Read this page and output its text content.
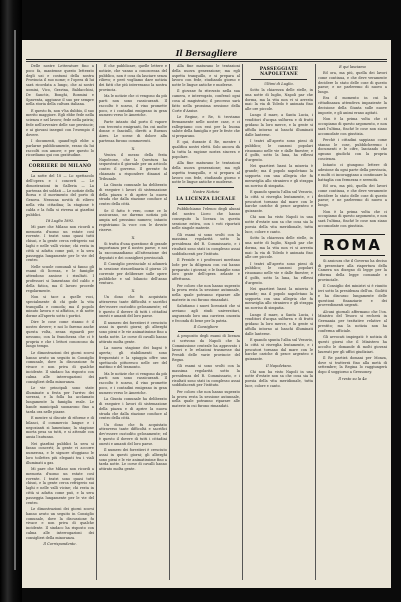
Il Bersagliere

Delle nostre Letterature fino a poco fa, mantenne questo letterato degli usi e costumi della nostra Provincia il suo nome; e l'opera di lui sarà ricordata a lungo, che ai nostri uomini, Vico, Gravina, Baldacchini, De Sanctis, Bonghi, Rosmini e Spaventa, aggiunse il suo per sempre nella storia della cultura italiana.

E questo fu, non v'ha dubbio, il suo merito maggiore. Egli ebbe fede nella scienza e nel lavoro; fede nella patria; fede nell'avvenire delle sue provincie; e ai giovani insegnò con l'esempio il dovere.

I documenti, quand'egli ebbe a parlarne pubblicamente, erano da lui raccolti con amore; e per questo lo ricordiamo qui con gratitudine.

CORRIERE DI MILANO

La notte del 18 — Lo spettacolo dell'opera e i concerti — Le dimostrazioni in Galleria — La partenza dei soldati — Le notizie della Borsa e il movimento del porto di Genova. Nessuna novità di rilievo nella vita cittadina; la stagione è calda e la folla si riversa ai giardini pubblici.

18 Luglio 1892.

Mi pare che Milano non ricordi a memoria d'uomo un estate così rovente. I teatri sono quasi tutti chiusi, e la gente cerca refrigerio sui laghi e nelle valli vicine; chi resta in città si adatta come può, e la sera passeggia lungamente per le vie del centro.

Nelle scuole comunali si fanno gli esami di licenza, e le famiglie attendono ansiose i risultati. I professori si lamentano del caldo e della fatica, ma il lavoro procede regolarmente.

Non si tace a quelle voci, specialmente di chi gode la vita tranquilla e comoda; ma il popolo minuto lavora e si affatica, e di notte dorme all'aperto sotto i portici.

Dire le cose come stanno è il nostro dovere; e noi lo faremo anche questa volta, senza riguardi per nessuno, con la franchezza che ci è propria e che i lettori conoscono da lungo tempo.

Le dimostrazioni dei giorni scorsi hanno avuto un seguito in Consiglio comunale, dove la discussione fu vivace e non priva di qualche incidente. Il sindaco ha risposto con calma alle interrogazioni dei consiglieri della minoranza.

Le vie principali sono state illuminate a festa per l'arrivo dei sovrani, e la folla ha acclamato lungamente la famiglia reale. Le bande municipali suonarono fino a tarda ora nelle piazze.

E mentre si discute di riforme e di bilanci, il commercio langue e i negozianti si lamentano; la stagione morta pesa su tutti, e si attende con ansia l'autunno.

Nei giardini pubblici la sera si fanno concerti; la gente vi accorre numerosa, e le signore sfoggiano le loro toilettes più eleganti tra i viali illuminati a gas.

Mi pare che Milano non ricordi a memoria d'uomo un estate così rovente. I teatri sono quasi tutti chiusi, e la gente cerca refrigerio sui laghi e nelle valli vicine; chi resta in città si adatta come può, e la sera passeggia lungamente per le vie del centro.

Le dimostrazioni dei giorni scorsi hanno avuto un seguito in Consiglio comunale, dove la discussione fu vivace e non priva di qualche incidente. Il sindaco ha risposto con calma alle interrogazioni dei consiglieri della minoranza.

Il Corrispondente.

E che pubblicare, quelle lettere e notizie, che vanno a conoscenza del pubblico, non è cosa da lasciare senza rilievo; e però vogliamo dare notizia dei fatti che più interessano la nostra provincia.

Ma le notizie che ci vengono da più parti non sono rassicuranti. Il raccolto è scarso, il vino promette poco, e i contadini emigrano in gran numero verso le Americhe.

Parte intanto dal porto il vapore con trecento emigranti, fra cui molte donne e fanciulli, diretti a Buenos Aires. Le scene di dolore alla partenza furono commoventi.

X

Veniva il mezzo della festa Napoleone, che la Questura ha sequestrato il giornale per un articolo contro il governo. Il gerente fu chiamato a rispondere dinanzi al Tribunale.

La Giunta comunale ha deliberato di eseguire i lavori di sistemazione della piazza e di aprire la nuova strada che dalla stazione conduce al centro della città.

Se il fatto è vero, come ce lo assicurano, ne daremo notizia più ampia nel prossimo numero; intanto registriamo la voce con le dovute riserve.

X

Si tratta d'una questione di grande importanza per il nostro paese; e noi la raccomandiamo all'attenzione dei deputati e dei consiglieri provinciali.

Il Consiglio provinciale si adunerà in sessione straordinaria il giorno 25 corrente per deliberare sulle opere pubbliche e sul bilancio dell'anno venturo.

X

Un dono che fu acquistato attraverso tante difficoltà e sacrifici dev'essere custodito gelosamente; ed è questo il dovere di tutti i cittadini onesti e amanti del loro paese.

Il numero dei forestieri è cresciuto assai in questi giorni; gli alberghi sono pieni e le vie animatissime fino a tarda notte. Le corse di cavalli hanno attirato molta gente.

La nuova stagione dei bagni è aperta; gli stabilimenti sono frequentati e la spiaggia offre uno spettacolo pittoresco nelle ore del mattino e del tramonto.

Ma le notizie che ci vengono da più parti non sono rassicuranti. Il raccolto è scarso, il vino promette poco, e i contadini emigrano in gran numero verso le Americhe.

La Giunta comunale ha deliberato di eseguire i lavori di sistemazione della piazza e di aprire la nuova strada che dalla stazione conduce al centro della città.

Un dono che fu acquistato attraverso tante difficoltà e sacrifici dev'essere custodito gelosamente; ed è questo il dovere di tutti i cittadini onesti e amanti del loro paese.

Il numero dei forestieri è cresciuto assai in questi giorni; gli alberghi sono pieni e le vie animatissime fino a tarda notte. Le corse di cavalli hanno attirato molta gente.

Alla fine maturano le tentazioni della nuova generazione; ma egli aspetta tranquillo, e si prepara al lavoro con fede, studiando giorno e notte le lingue antiche e moderne.

Il giovane fu ritrovato nella sua camera, e interrogato, confessò ogni cosa al magistrato; il processo sarà fatto nella prossima sessione della Corte d'Assise.

Le Regine, e Re, ti troviamo fermamente nelle nostre case, e ci rallegriamo con essi per la buona salute della famiglia e per le feste che si preparano.

E qui, durante il Re, mentre i qualifica nostri eletti. Solo ancora dà la tutta la ragione nostra sincera e popolare.

Alla fine maturano le tentazioni della nuova generazione; ma egli aspetta tranquillo, e si prepara al lavoro con fede, studiando giorno e notte le lingue antiche e moderne.

Nostre Notizie
LA LICENZA LICEALE

Pubblichiamo l'elenco degli alunni del nostro Liceo che hanno conseguito la licenza in questa sessione estiva, con i voti riportati nelle singole materie.

Gli esami si sono svolti con la massima regolarità sotto la presidenza del R. Commissario, e i risultati sono stati in complesso assai soddisfacenti per l'istituto.

Il Preside e i professori meritano lode per la diligenza con cui hanno preparato i giovani; e le famiglie sono loro grate dell'opera zelante e affettuosa.

Per coloro che non hanno superato la prova resta la sessione autunnale, nella quale potranno riparare alle materie in cui furono rimandati.

Salutiamo i nuovi licenziati che si avviano agli studi universitari, augurando loro una carriera onorata e feconda di bene per la patria.

Il Consigliere

A proposito degli esami di licenza ci scrivono da Napoli che la Commissione centrale ha approvato i lavori e le relazioni trasmesse dai Presidi delle varie provincie del Regno.

Gli esami si sono svolti con la massima regolarità sotto la presidenza del R. Commissario, e i risultati sono stati in complesso assai soddisfacenti per l'istituto.

Per coloro che non hanno superato la prova resta la sessione autunnale, nella quale potranno riparare alle materie in cui furono rimandati.

PASSEGGIATE NAPOLETANE
Ultimi di Luglio.

Sotto la chiarezza delle stelle, in una notte di luglio, Napoli par che dorma, ma la vita non vi si arresta mai: la via di Toledo è animata fino alle ore piccole.

Lungo il mare, a Santa Lucia, i venditori d'acqua sulfurea e di frutti gridano la loro merce, e la gente si affolla intorno ai banchi illuminati dalle lanterne.

I teatri all'aperto sono pieni di pubblico; le canzoni popolari risuonano nelle vie e dalle finestre; e il golfo, sotto la luna, ha riflessi d'argento.

Nei quartieri bassi la miseria è grande; ma il popolo napoletano la sopporta con una allegria che fa meraviglia allo straniero e gli strappa un sorriso di simpatia.

E quando spunta l'alba sul Vesuvio, la città si risveglia lentamente, e i pescatori tornano dal mare con le barche cariche di pesce argenteo e guizzante.

Chi non ha visto Napoli in una notte d'estate non sa che cosa sia la poesia della vita meridionale, tutta luce, colore e canto.

Sotto la chiarezza delle stelle, in una notte di luglio, Napoli par che dorma, ma la vita non vi si arresta mai: la via di Toledo è animata fino alle ore piccole.

I teatri all'aperto sono pieni di pubblico; le canzoni popolari risuonano nelle vie e dalle finestre; e il golfo, sotto la luna, ha riflessi d'argento.

Nei quartieri bassi la miseria è grande; ma il popolo napoletano la sopporta con una allegria che fa meraviglia allo straniero e gli strappa un sorriso di simpatia.

Lungo il mare, a Santa Lucia, i venditori d'acqua sulfurea e di frutti gridano la loro merce, e la gente si affolla intorno ai banchi illuminati dalle lanterne.

E quando spunta l'alba sul Vesuvio, la città si risveglia lentamente, e i pescatori tornano dal mare con le barche cariche di pesce argenteo e guizzante.

Il Napoletano.

Chi non ha visto Napoli in una notte d'estate non sa che cosa sia la poesia della vita meridionale, tutta luce, colore e canto.

E qui lasciamo

Ed ora, ma più, quella dei lavori come continua, e che deve veramente decidere lo stato delle cose di questo paese; e ne parleremo di nuovo a lungo.

Era il momento in cui la cittadinanza attendeva impaziente la decisione della Giunta sulle nuove imposte, e gli animi erano agitati.

Non è la prima volta che ci occupiamo di questo argomento, e non sarà l'ultima, finché le cose non siano accomodate con giustizia.

Perchè i cittadini sappiano come stanno le cose, pubblicheremo i documenti e le cifre, lasciando che ognuno giudichi con la propria coscienza.

Intanto ci giungono lettere di adesione da ogni parte della provincia, e molti ci incoraggiano a continuare la battaglia con fermezza e serenità.

Ed ora, ma più, quella dei lavori come continua, e che deve veramente decidere lo stato delle cose di questo paese; e ne parleremo di nuovo a lungo.

Non è la prima volta che ci occupiamo di questo argomento, e non sarà l'ultima, finché le cose non siano accomodate con giustizia.

ROMA

Si assicura che il Governo ha deciso di presentare alla riapertura della Camera un disegno di legge per la riforma della legge comunale e provinciale.

Il Consiglio dei ministri si è riunito ieri sotto la presidenza dell'on. Giolitti e ha discusso lungamente delle questioni finanziarie e dei provvedimenti urgenti.

Alcuni giornali affermano che l'on. Ministro del Tesoro si recherà in Germania per trattative relative al prestito; ma la notizia non ha conferma ufficiale.

Gli avvocati impiegati: è notizia di questi giorni che il Ministero ha accolto le domande di molti giovani laureati per gli uffici giudiziari.

Il Re partirà domani per Monza, dove si tratterrà fino alla metà di settembre; la Regina lo raggiungerà dopo il soggiorno a Gressoney.

Il resto su la 4a
